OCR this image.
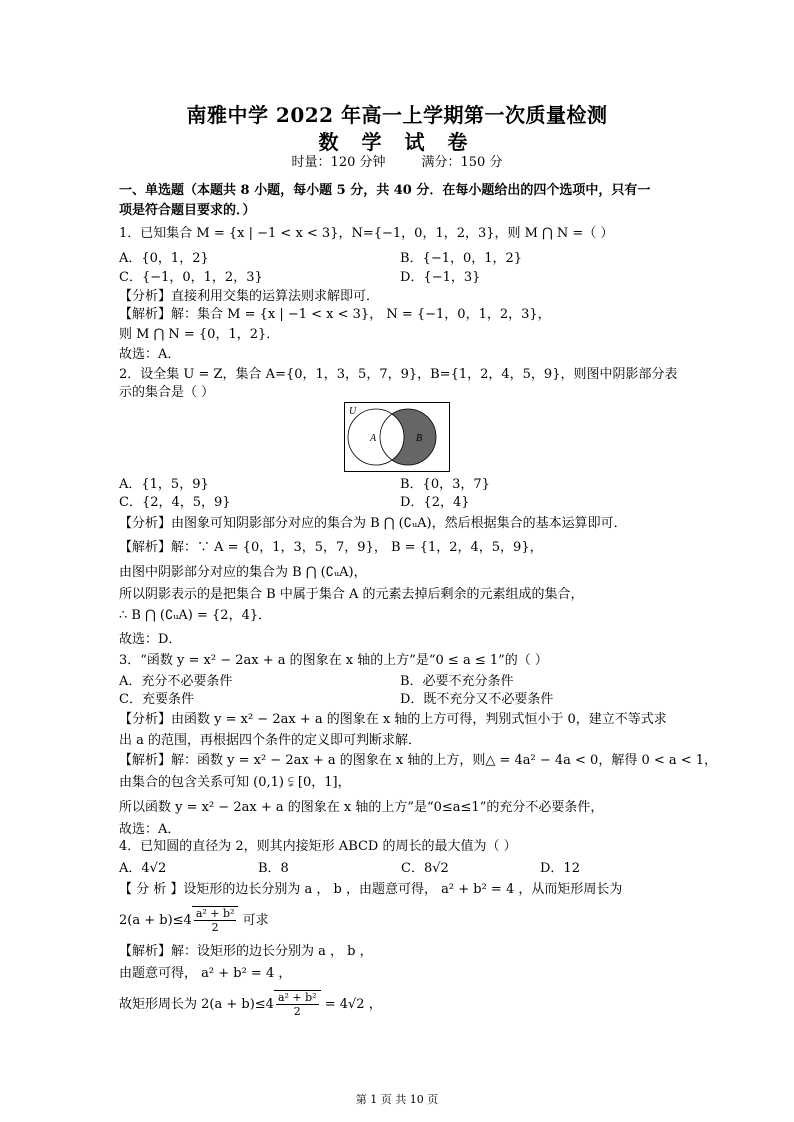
南雅中学 2022 年高一上学期第一次质量检测
数 学 试 卷
时量：120 分钟	满分：150 分
一、单选题（本题共 8 小题，每小题 5 分，共 40 分．在每小题给出的四个选项中，只有一
项是符合题目要求的．）
1．已知集合 M = {x | −1 < x < 3}，N={−1，0，1，2，3}，则 M ⋂ N =（ ）
A．{0，1，2}	B．{−1，0，1，2}
C．{−1，0，1，2，3}	D．{−1，3}
【分析】直接利用交集的运算法则求解即可．
【解析】解：集合 M = {x | −1 < x < 3}， N = {−1，0，1，2，3}，
则 M ⋂ N = {0，1，2}．
故选：A．
2．设全集 U = Z，集合 A={0，1，3，5，7，9}，B={1，2，4，5，9}，则图中阴影部分表
示的集合是（ ）
U
A	B
A．{1，5，9}	B．{0，3，7}
C．{2，4，5，9}	D．{2，4}
【分析】由图象可知阴影部分对应的集合为 B ⋂ (∁ᵤA)，然后根据集合的基本运算即可．
【解析】解：∵ A = {0，1，3，5，7，9}， B = {1，2，4，5，9}，
由图中阴影部分对应的集合为 B ⋂ (∁ᵤA)，
所以阴影表示的是把集合 B 中属于集合 A 的元素去掉后剩余的元素组成的集合，
∴ B ⋂ (∁ᵤA) = {2，4}．
故选：D．
3．“函数 y = x² − 2ax + a 的图象在 x 轴的上方”是“0 ≤ a ≤ 1”的（ ）
A．充分不必要条件	B．必要不充分条件
C．充要条件	D．既不充分又不必要条件
【分析】由函数 y = x² − 2ax + a 的图象在 x 轴的上方可得，判别式恒小于 0，建立不等式求
出 a 的范围，再根据四个条件的定义即可判断求解．
【解析】解：函数 y = x² − 2ax + a 的图象在 x 轴的上方，则△ = 4a² − 4a < 0，解得 0 < a < 1，
由集合的包含关系可知 (0,1) ⫋ [0，1]，
所以函数 y = x² − 2ax + a 的图象在 x 轴的上方”是“0≤a≤1”的充分不必要条件，
故选：A．
4．已知圆的直径为 2，则其内接矩形 ABCD 的周长的最大值为（ ）
A．4√2	B．8	C．8√2	D．12
【 分 析 】设矩形的边长分别为 a ， b ，由题意可得， a² + b² = 4 ，从而矩形周长为
$2(a + b)\le 4 \frac{\text{a² + b²}}{2}$ 可求
【解析】解：设矩形的边长分别为 a ， b ，
由题意可得， a² + b² = 4 ，
故矩形周长为 $2(a + b)\le 4 \frac{\text{a² + b²}}{2} = 4√2$ ，
第 1 页 共 10 页
